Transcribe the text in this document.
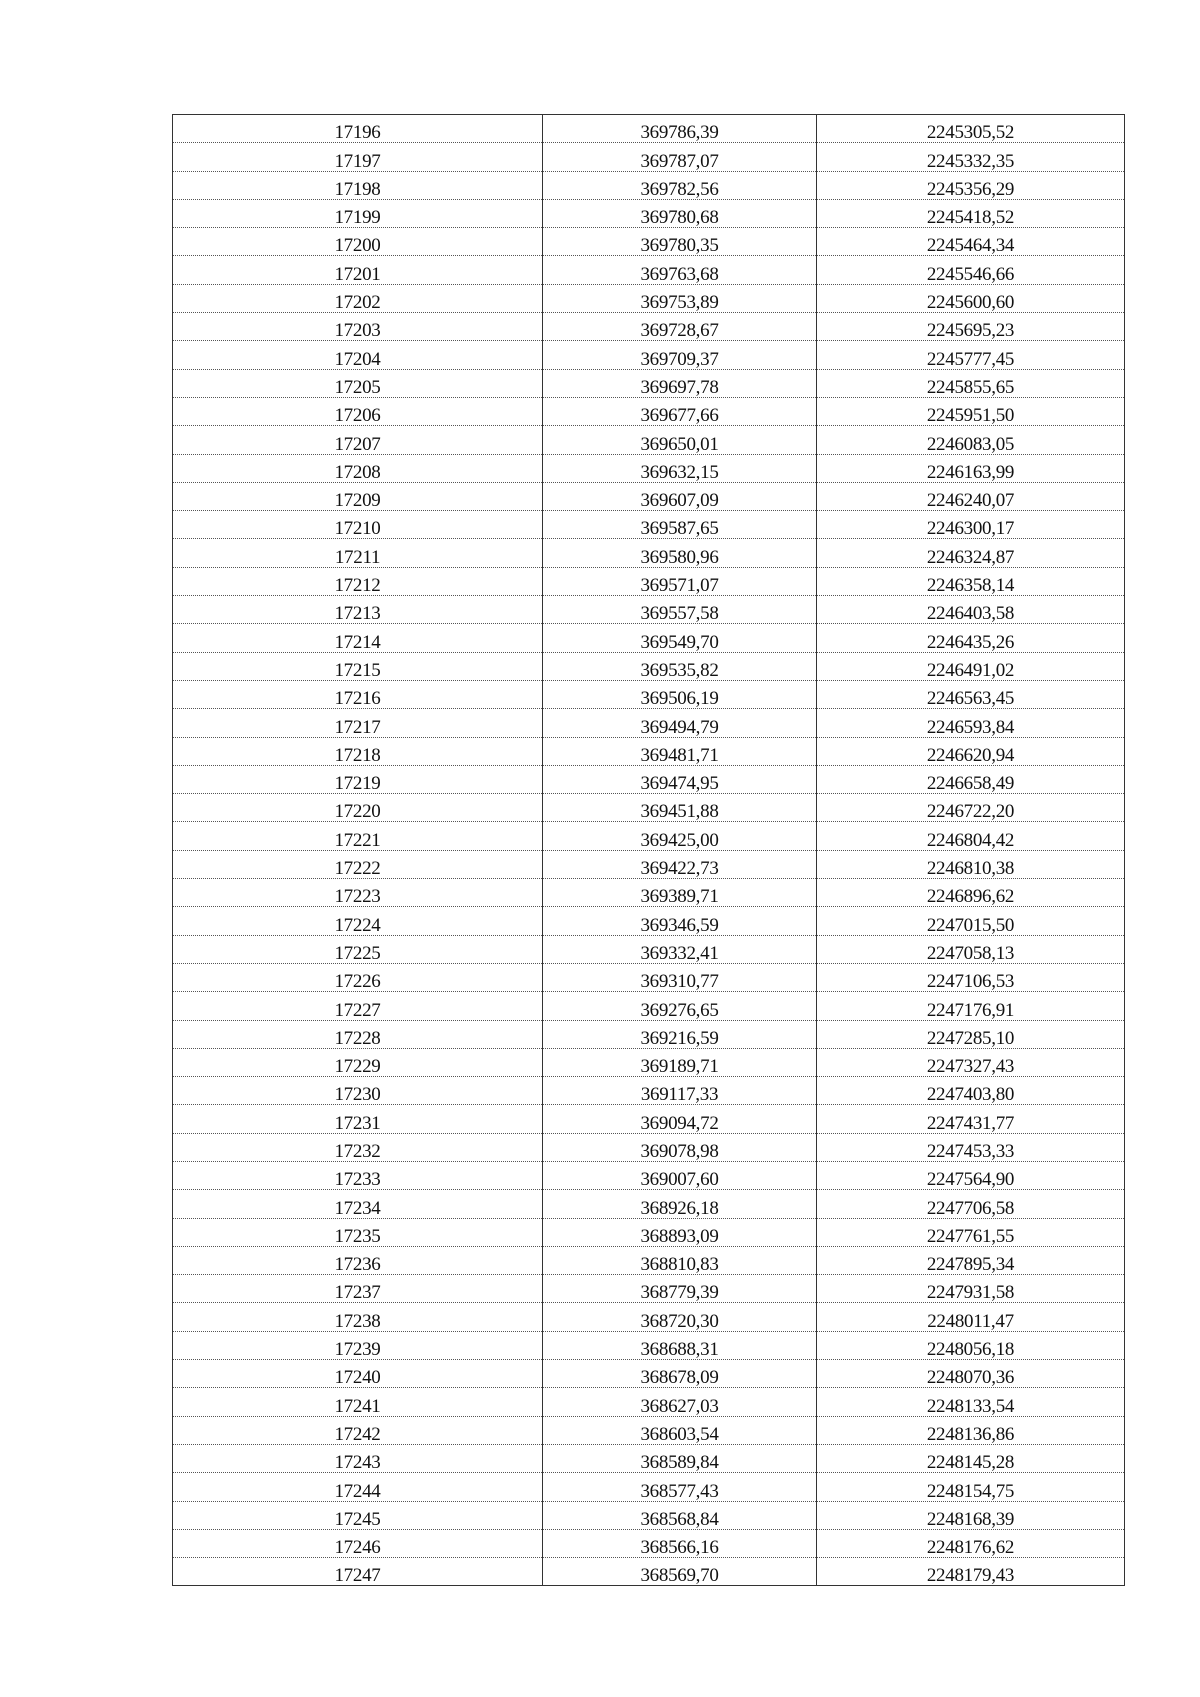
17196	369786,39	2245305,52
17197	369787,07	2245332,35
17198	369782,56	2245356,29
17199	369780,68	2245418,52
17200	369780,35	2245464,34
17201	369763,68	2245546,66
17202	369753,89	2245600,60
17203	369728,67	2245695,23
17204	369709,37	2245777,45
17205	369697,78	2245855,65
17206	369677,66	2245951,50
17207	369650,01	2246083,05
17208	369632,15	2246163,99
17209	369607,09	2246240,07
17210	369587,65	2246300,17
17211	369580,96	2246324,87
17212	369571,07	2246358,14
17213	369557,58	2246403,58
17214	369549,70	2246435,26
17215	369535,82	2246491,02
17216	369506,19	2246563,45
17217	369494,79	2246593,84
17218	369481,71	2246620,94
17219	369474,95	2246658,49
17220	369451,88	2246722,20
17221	369425,00	2246804,42
17222	369422,73	2246810,38
17223	369389,71	2246896,62
17224	369346,59	2247015,50
17225	369332,41	2247058,13
17226	369310,77	2247106,53
17227	369276,65	2247176,91
17228	369216,59	2247285,10
17229	369189,71	2247327,43
17230	369117,33	2247403,80
17231	369094,72	2247431,77
17232	369078,98	2247453,33
17233	369007,60	2247564,90
17234	368926,18	2247706,58
17235	368893,09	2247761,55
17236	368810,83	2247895,34
17237	368779,39	2247931,58
17238	368720,30	2248011,47
17239	368688,31	2248056,18
17240	368678,09	2248070,36
17241	368627,03	2248133,54
17242	368603,54	2248136,86
17243	368589,84	2248145,28
17244	368577,43	2248154,75
17245	368568,84	2248168,39
17246	368566,16	2248176,62
17247	368569,70	2248179,43
